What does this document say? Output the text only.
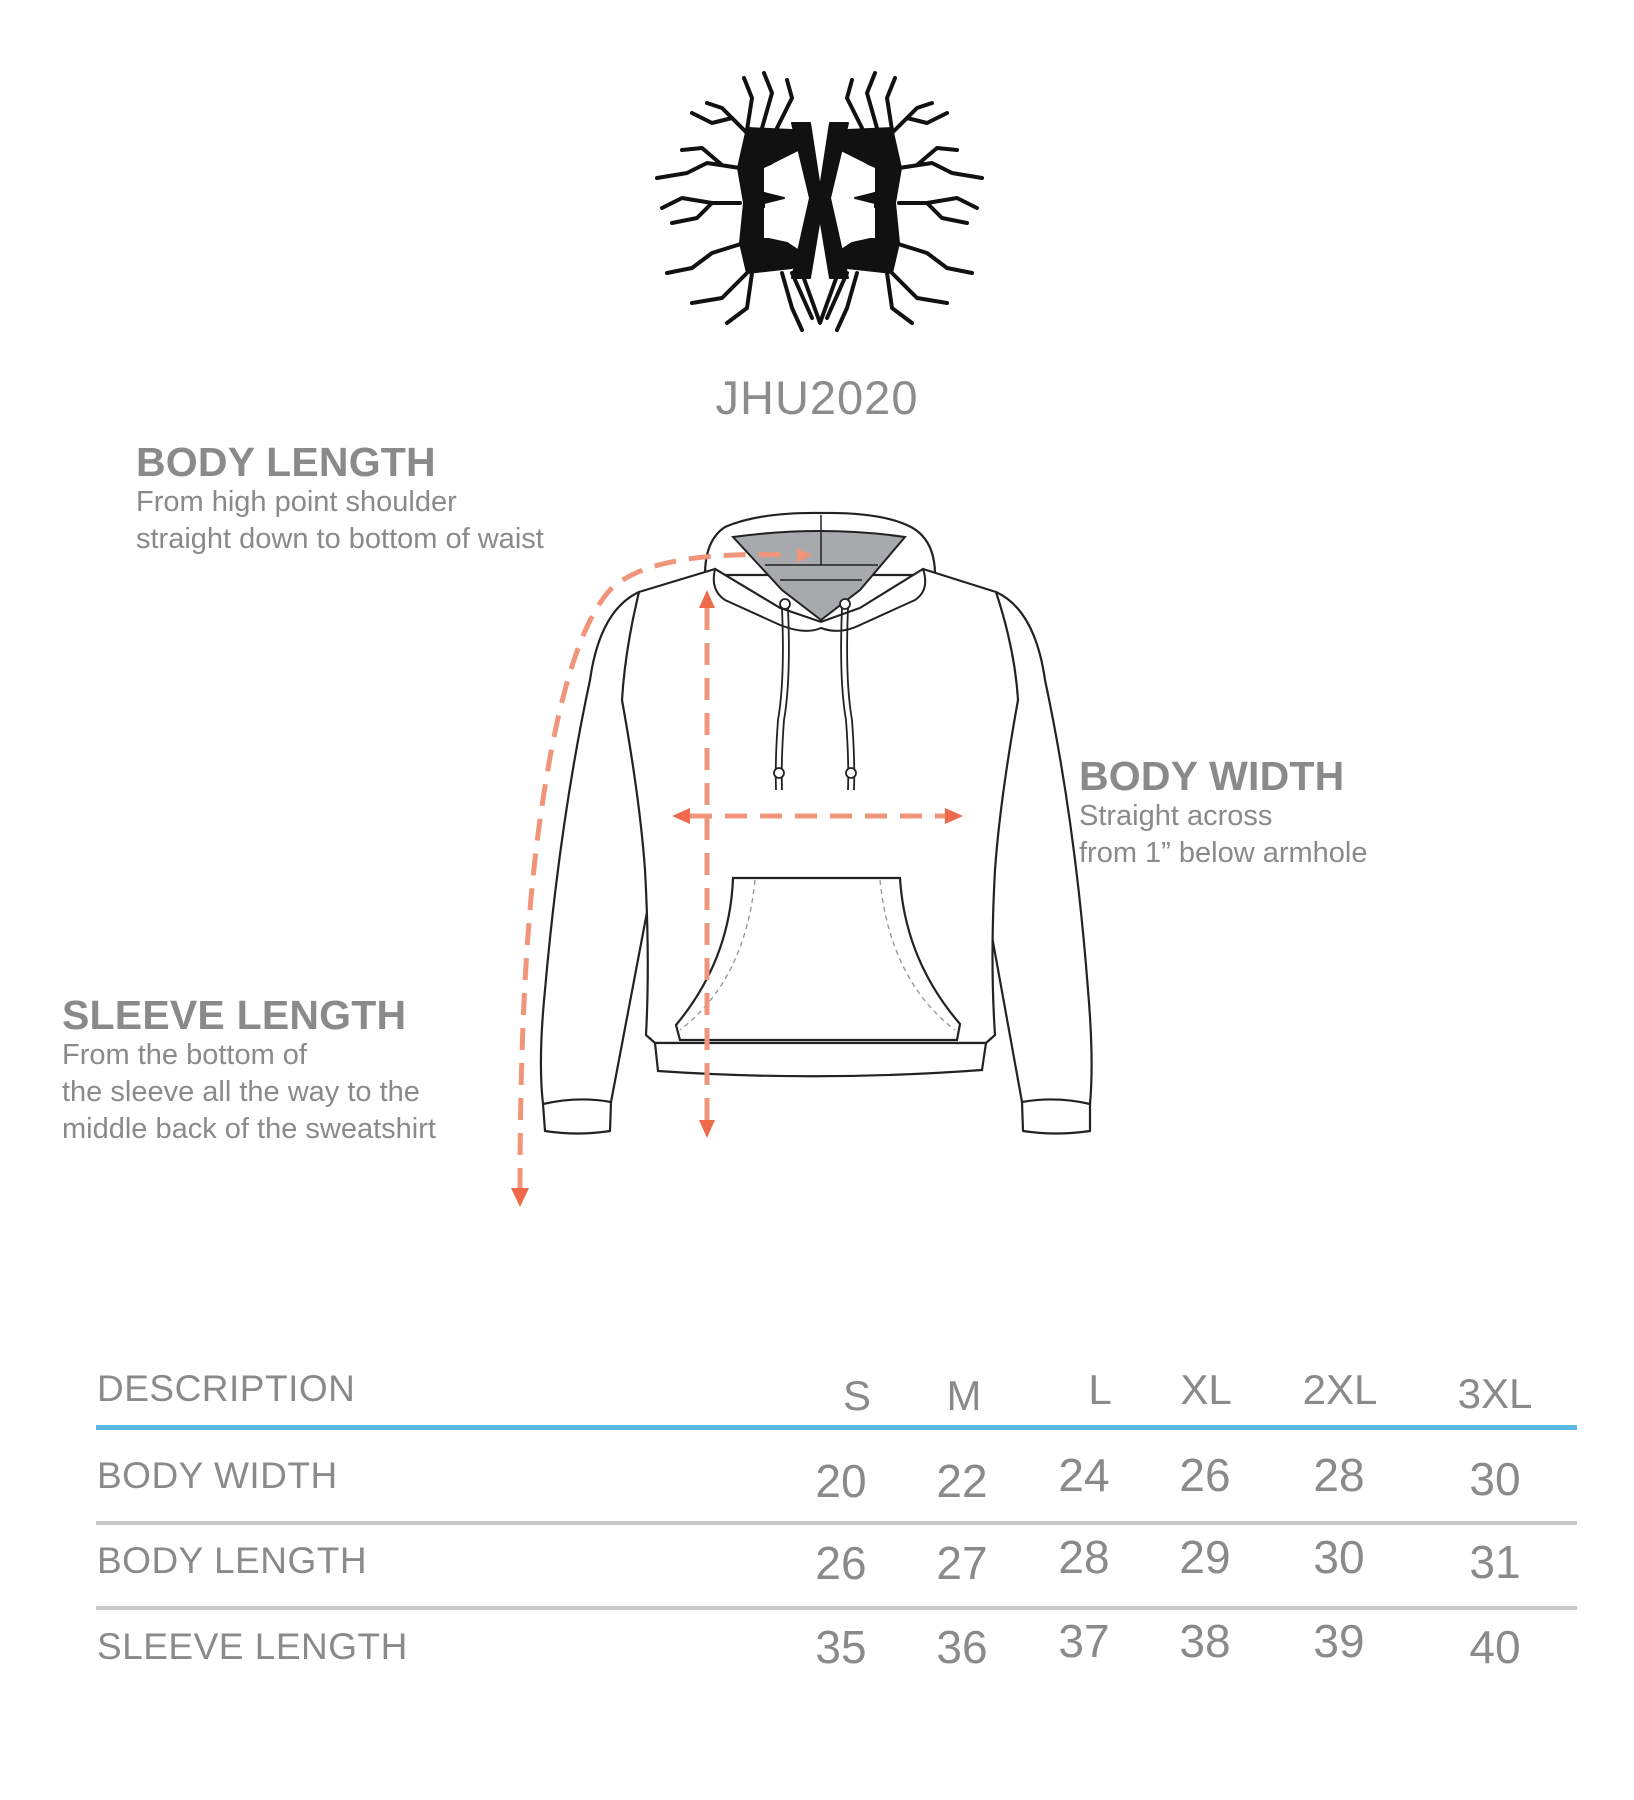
JHU2020
BODY LENGTH
From high point shoulder
straight down to bottom of waist
BODY WIDTH
Straight across
from 1” below armhole
SLEEVE LENGTH
From the bottom of
the sleeve all the way to the
middle back of the sweatshirt
DESCRIPTION	S	M	L	XL	2XL	3XL
BODY WIDTH	20	22	24	26	28	30
BODY LENGTH	26	27	28	29	30	31
SLEEVE LENGTH	35	36	37	38	39	40
